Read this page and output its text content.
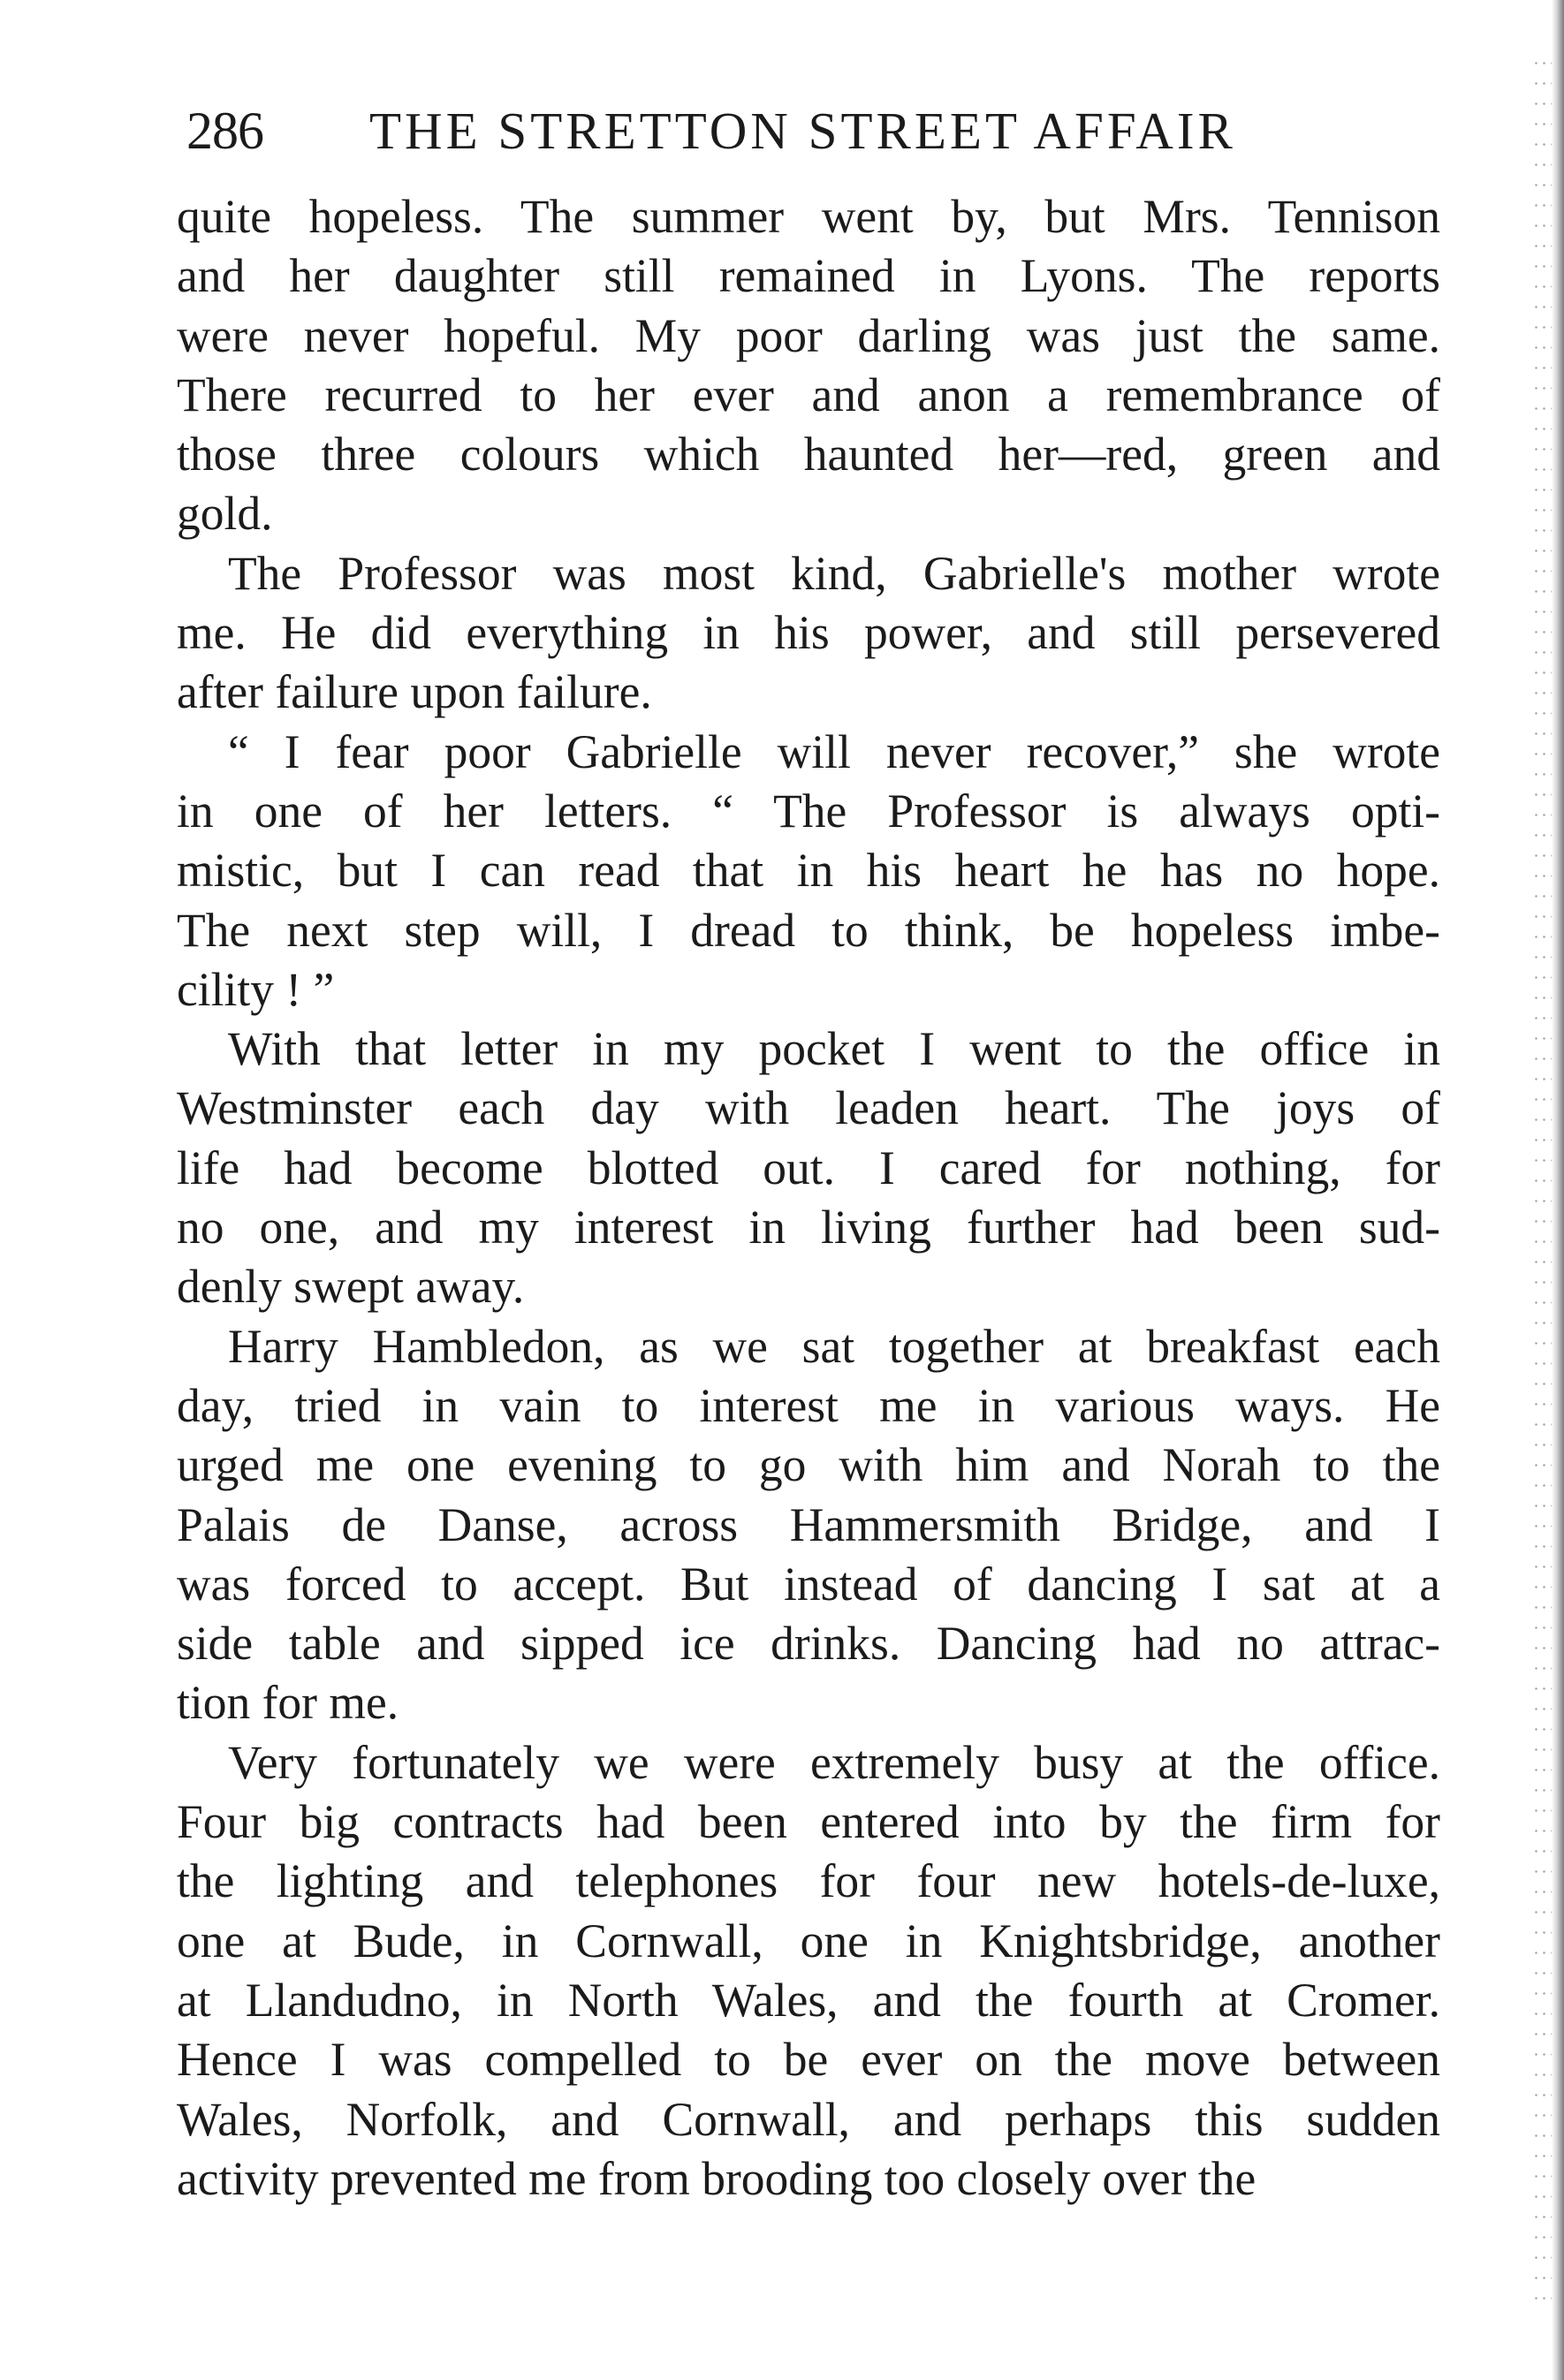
286 THE STRETTON STREET AFFAIR
quite hopeless. The summer went by, but Mrs. Tennison
and her daughter still remained in Lyons. The reports
were never hopeful. My poor darling was just the same.
There recurred to her ever and anon a remembrance of
those three colours which haunted her—red, green and
gold.
The Professor was most kind, Gabrielle's mother wrote
me. He did everything in his power, and still persevered
after failure upon failure.
“ I fear poor Gabrielle will never recover,” she wrote
in one of her letters. “ The Professor is always opti-
mistic, but I can read that in his heart he has no hope.
The next step will, I dread to think, be hopeless imbe-
cility ! ”
With that letter in my pocket I went to the office in
Westminster each day with leaden heart. The joys of
life had become blotted out. I cared for nothing, for
no one, and my interest in living further had been sud-
denly swept away.
Harry Hambledon, as we sat together at breakfast each
day, tried in vain to interest me in various ways. He
urged me one evening to go with him and Norah to the
Palais de Danse, across Hammersmith Bridge, and I
was forced to accept. But instead of dancing I sat at a
side table and sipped ice drinks. Dancing had no attrac-
tion for me.
Very fortunately we were extremely busy at the office.
Four big contracts had been entered into by the firm for
the lighting and telephones for four new hotels-de-luxe,
one at Bude, in Cornwall, one in Knightsbridge, another
at Llandudno, in North Wales, and the fourth at Cromer.
Hence I was compelled to be ever on the move between
Wales, Norfolk, and Cornwall, and perhaps this sudden
activity prevented me from brooding too closely over the
